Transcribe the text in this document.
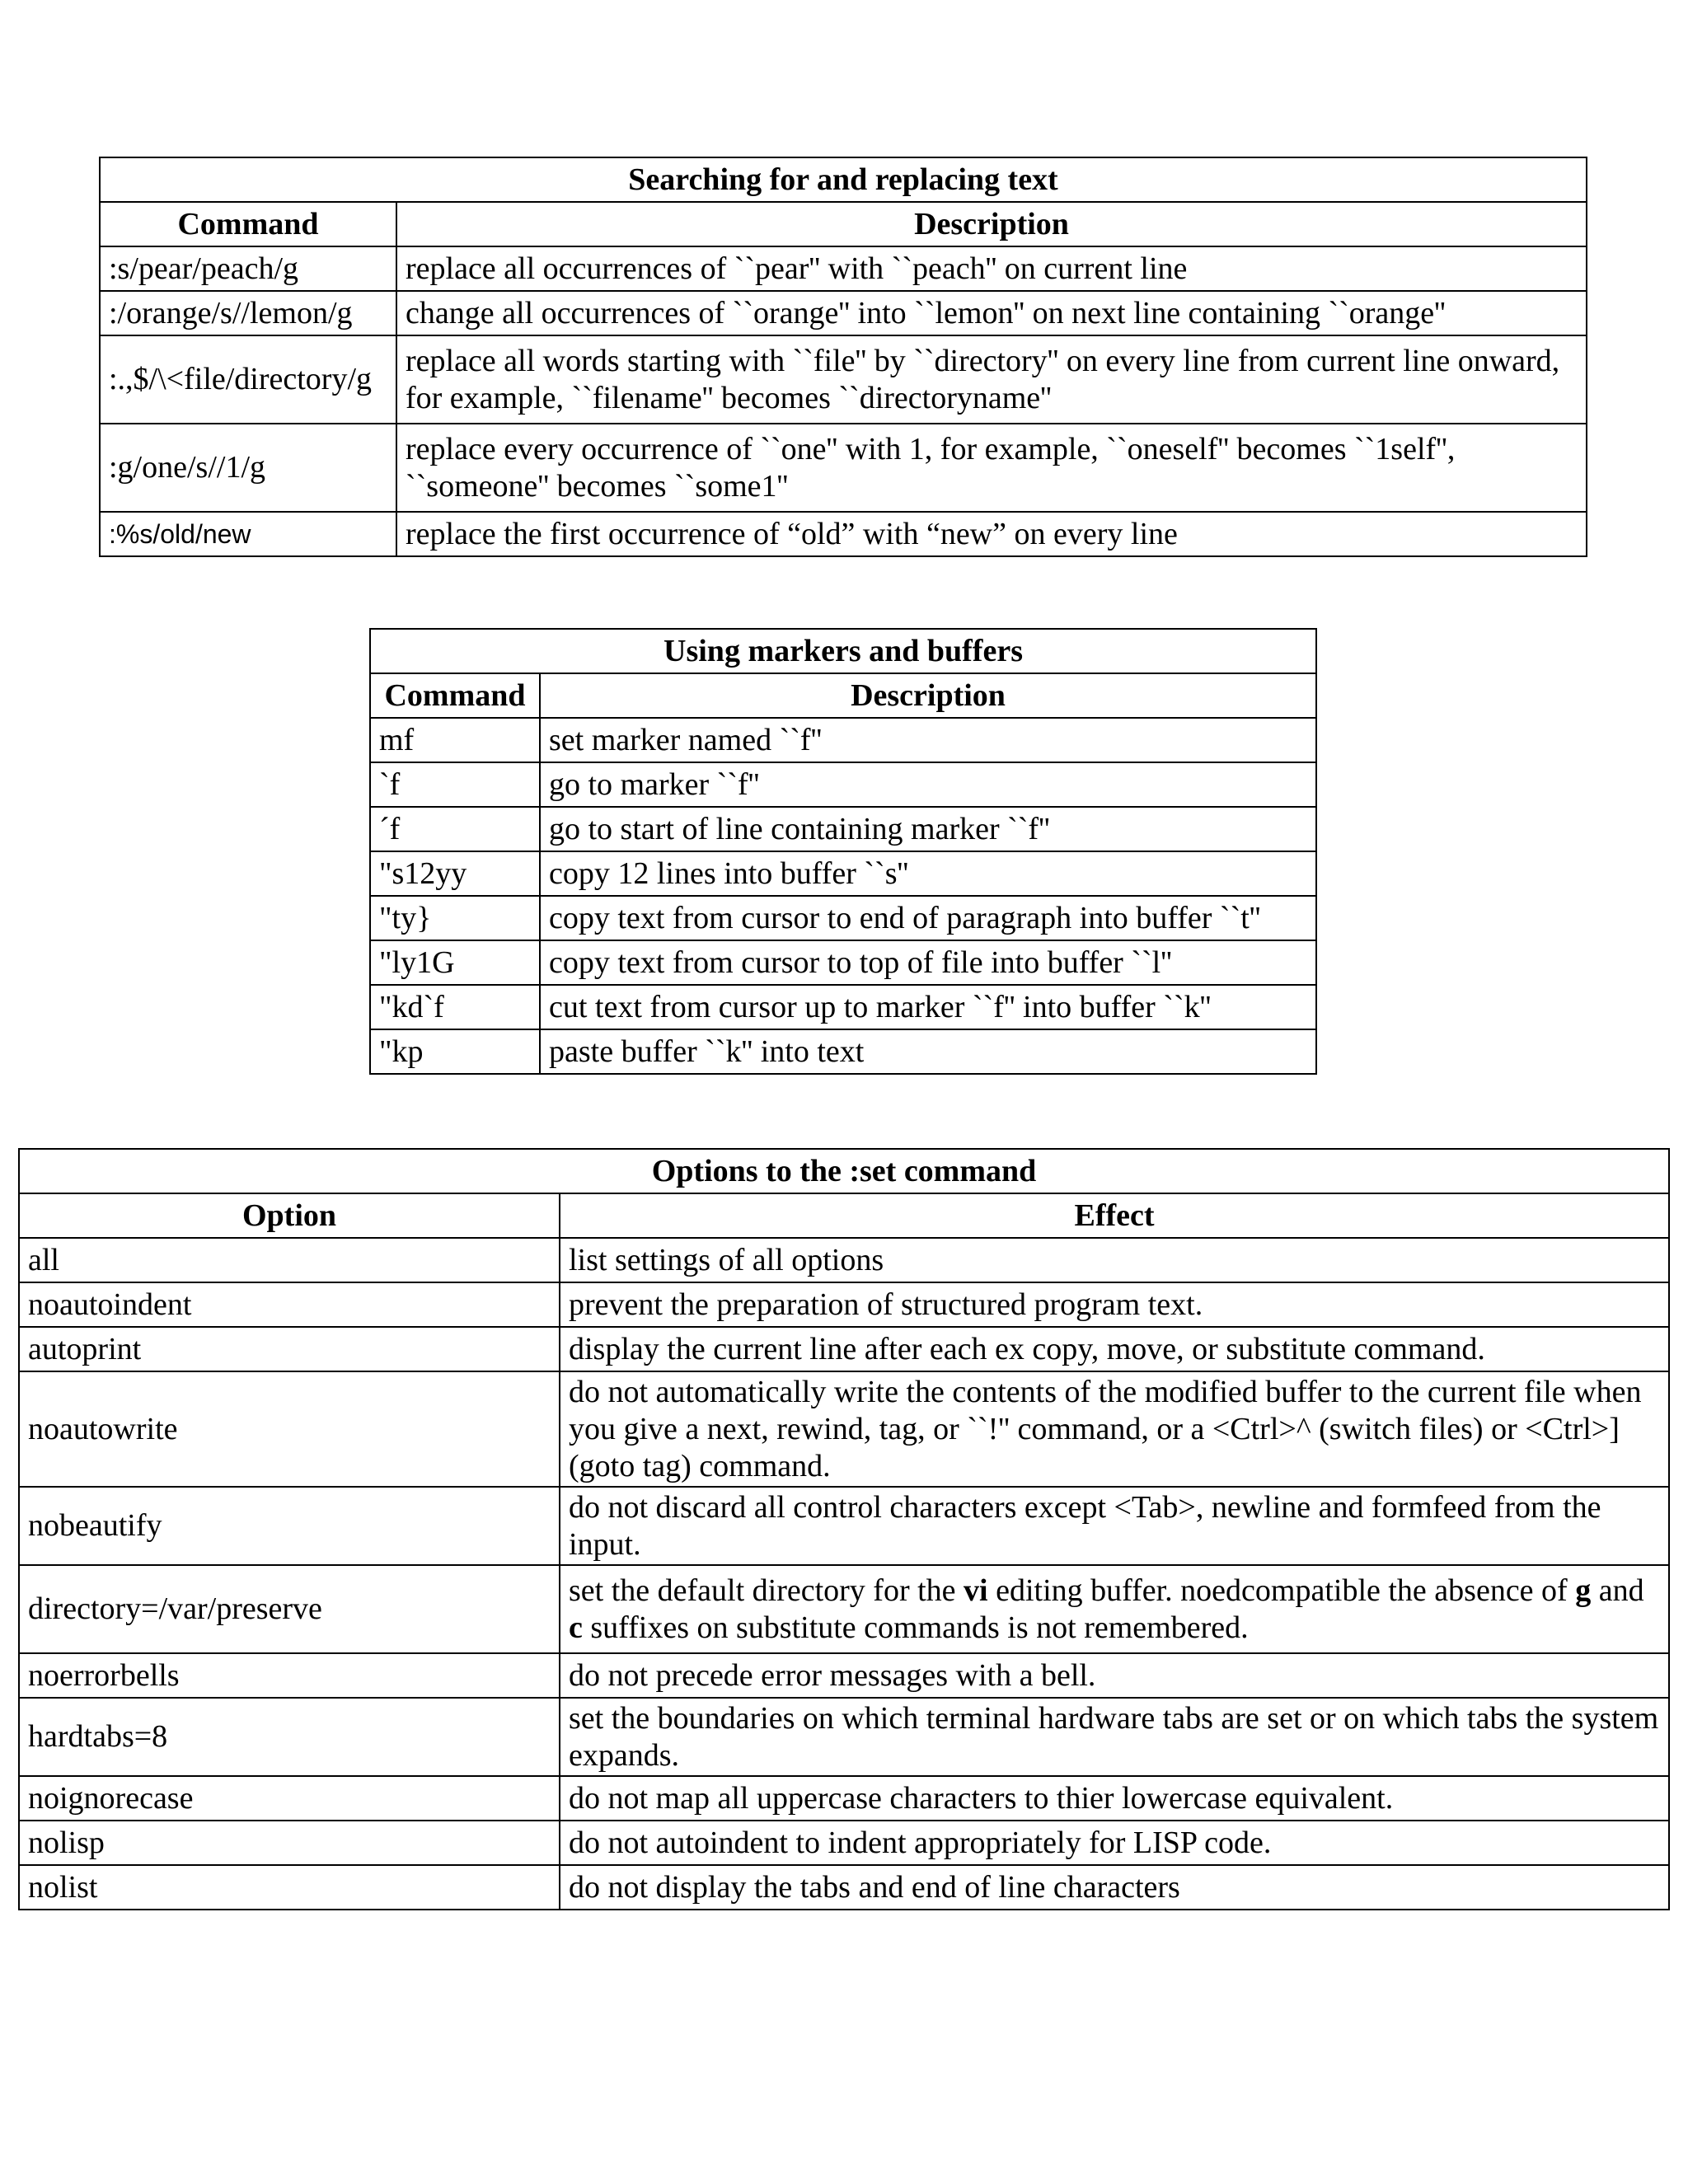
Searching for and replacing text	
Command	Description
:s/pear/peach/g	replace all occurrences of ``pear'' with ``peach'' on current line
:/orange/s//lemon/g	change all occurrences of ``orange'' into ``lemon'' on next line containing ``orange''
:.,$/\<file/directory/g	replace all words starting with ``file'' by ``directory'' on every line from current line onward, for example, ``filename'' becomes ``directoryname''
:g/one/s//1/g	replace every occurrence of ``one'' with 1, for example, ``oneself'' becomes ``1self'', ``someone'' becomes ``some1''
:%s/old/new	replace the first occurrence of “old” with “new” on every line
Using markers and buffers	
Command	Description
mf	set marker named ``f''
`f	go to marker ``f''
´f	go to start of line containing marker ``f''
"s12yy	copy 12 lines into buffer ``s''
"ty}	copy text from cursor to end of paragraph into buffer ``t''
"ly1G	copy text from cursor to top of file into buffer ``l''
"kd`f	cut text from cursor up to marker ``f'' into buffer ``k''
"kp	paste buffer ``k'' into text
Options to the :set command	
Option	Effect
all	list settings of all options
noautoindent	prevent the preparation of structured program text.
autoprint	display the current line after each ex copy, move, or substitute command.
noautowrite	do not automatically write the contents of the modified buffer to the current file when you give a next, rewind, tag, or ``!'' command, or a <Ctrl>^ (switch files) or <Ctrl>] (goto tag) command.
nobeautify	do not discard all control characters except <Tab>, newline and formfeed from the input.
directory=/var/preserve	set the default directory for the vi editing buffer. noedcompatible the absence of g and c suffixes on substitute commands is not remembered.
noerrorbells	do not precede error messages with a bell.
hardtabs=8	set the boundaries on which terminal hardware tabs are set or on which tabs the system expands.
noignorecase	do not map all uppercase characters to thier lowercase equivalent.
nolisp	do not autoindent to indent appropriately for LISP code.
nolist	do not display the tabs and end of line characters
